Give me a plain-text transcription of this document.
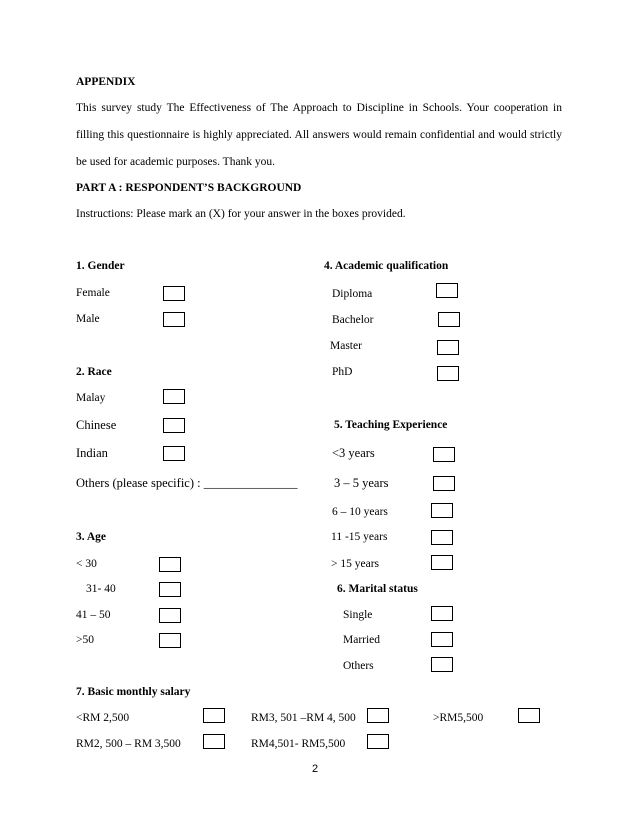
APPENDIX
This survey study The Effectiveness of The Approach to Discipline in Schools. Your cooperation in
filling this questionnaire is highly appreciated. All answers would remain confidential and would strictly
be used for academic purposes. Thank you.
PART A : RESPONDENT’S BACKGROUND
Instructions: Please mark an (X) for your answer in the boxes provided.
1. Gender
Female
Male
2. Race
Malay
Chinese
Indian
Others (please specific) : _______________
3. Age
< 30
31- 40
41 – 50
>50
4. Academic qualification
Diploma
Bachelor
Master
PhD
5. Teaching Experience
<3 years
3 – 5 years
6 – 10 years
11 -15 years
> 15 years
6. Marital status
Single
Married
Others
7. Basic monthly salary
<RM 2,500
RM2, 500 – RM 3,500
RM3, 501 –RM 4, 500
RM4,501- RM5,500
>RM5,500
2
